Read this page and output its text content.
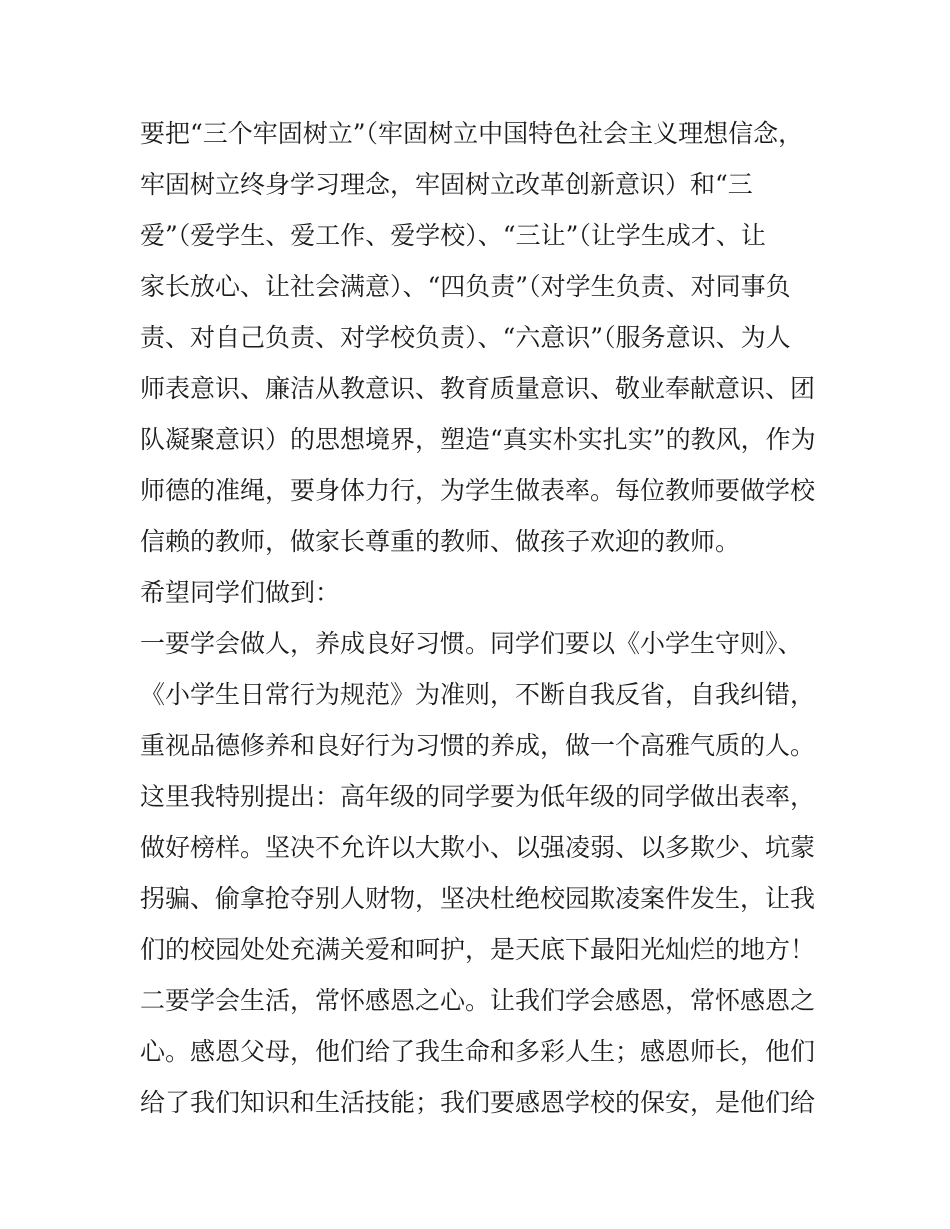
要把“三个牢固树立”（牢固树立中国特色社会主义理想信念，
牢固树立终身学习理念，牢固树立改革创新意识）和“三
爱”（爱学生、爱工作、爱学校）、“三让”（让学生成才、让
家长放心、让社会满意）、“四负责”（对学生负责、对同事负
责、对自己负责、对学校负责）、“六意识”（服务意识、为人
师表意识、廉洁从教意识、教育质量意识、敬业奉献意识、团
队凝聚意识）的思想境界，塑造“真实朴实扎实”的教风，作为
师德的准绳，要身体力行，为学生做表率。每位教师要做学校
信赖的教师，做家长尊重的教师、做孩子欢迎的教师。
希望同学们做到：
一要学会做人，养成良好习惯。同学们要以《小学生守则》、
《小学生日常行为规范》为准则，不断自我反省，自我纠错，
重视品德修养和良好行为习惯的养成，做一个高雅气质的人。
这里我特别提出：高年级的同学要为低年级的同学做出表率，
做好榜样。坚决不允许以大欺小、以强凌弱、以多欺少、坑蒙
拐骗、偷拿抢夺别人财物，坚决杜绝校园欺凌案件发生，让我
们的校园处处充满关爱和呵护，是天底下最阳光灿烂的地方！
二要学会生活，常怀感恩之心。让我们学会感恩，常怀感恩之
心。感恩父母，他们给了我生命和多彩人生；感恩师长，他们
给了我们知识和生活技能；我们要感恩学校的保安，是他们给
